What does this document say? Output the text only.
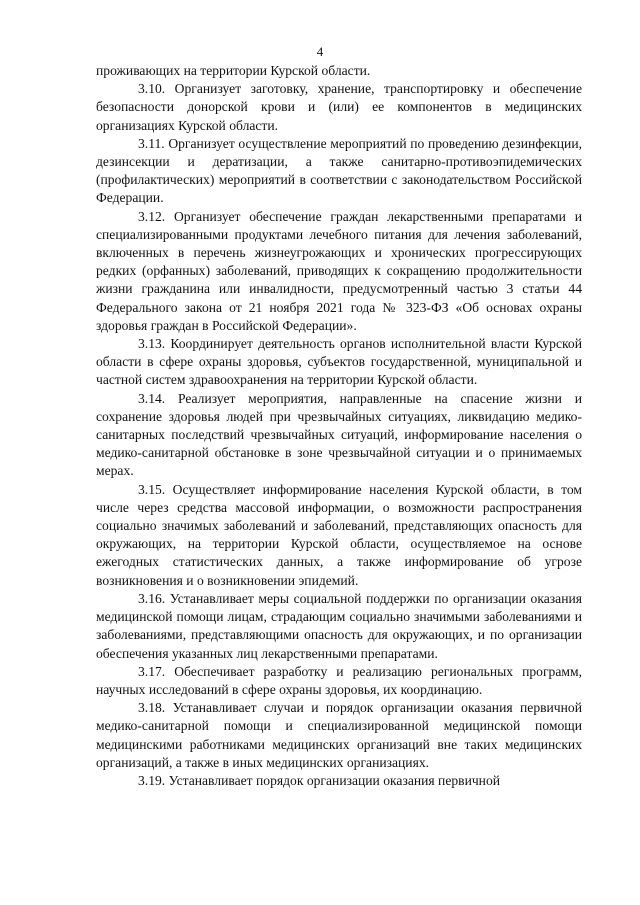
4

проживающих на территории Курской области.

3.10. Организует заготовку, хранение, транспортировку и обеспечение безопасности донорской крови и (или) ее компонентов в медицинских организациях Курской области.

3.11. Организует осуществление мероприятий по проведению дезинфекции, дезинсекции и дератизации, а также санитарно-противоэпидемических (профилактических) мероприятий в соответствии с законодательством Российской Федерации.

3.12. Организует обеспечение граждан лекарственными препаратами и специализированными продуктами лечебного питания для лечения заболеваний, включенных в перечень жизнеугрожающих и хронических прогрессирующих редких (орфанных) заболеваний, приводящих к сокращению продолжительности жизни гражданина или инвалидности, предусмотренный частью 3 статьи 44 Федерального закона от 21 ноября 2021 года № 323-ФЗ «Об основах охраны здоровья граждан в Российской Федерации».

3.13. Координирует деятельность органов исполнительной власти Курской области в сфере охраны здоровья, субъектов государственной, муниципальной и частной систем здравоохранения на территории Курской области.

3.14. Реализует мероприятия, направленные на спасение жизни и сохранение здоровья людей при чрезвычайных ситуациях, ликвидацию медико-санитарных последствий чрезвычайных ситуаций, информирование населения о медико-санитарной обстановке в зоне чрезвычайной ситуации и о принимаемых мерах.

3.15. Осуществляет информирование населения Курской области, в том числе через средства массовой информации, о возможности распространения социально значимых заболеваний и заболеваний, представляющих опасность для окружающих, на территории Курской области, осуществляемое на основе ежегодных статистических данных, а также информирование об угрозе возникновения и о возникновении эпидемий.

3.16. Устанавливает меры социальной поддержки по организации оказания медицинской помощи лицам, страдающим социально значимыми заболеваниями и заболеваниями, представляющими опасность для окружающих, и по организации обеспечения указанных лиц лекарственными препаратами.

3.17. Обеспечивает разработку и реализацию региональных программ, научных исследований в сфере охраны здоровья, их координацию.

3.18. Устанавливает случаи и порядок организации оказания первичной медико-санитарной помощи и специализированной медицинской помощи медицинскими работниками медицинских организаций вне таких медицинских организаций, а также в иных медицинских организациях.

3.19. Устанавливает порядок организации оказания первичной
